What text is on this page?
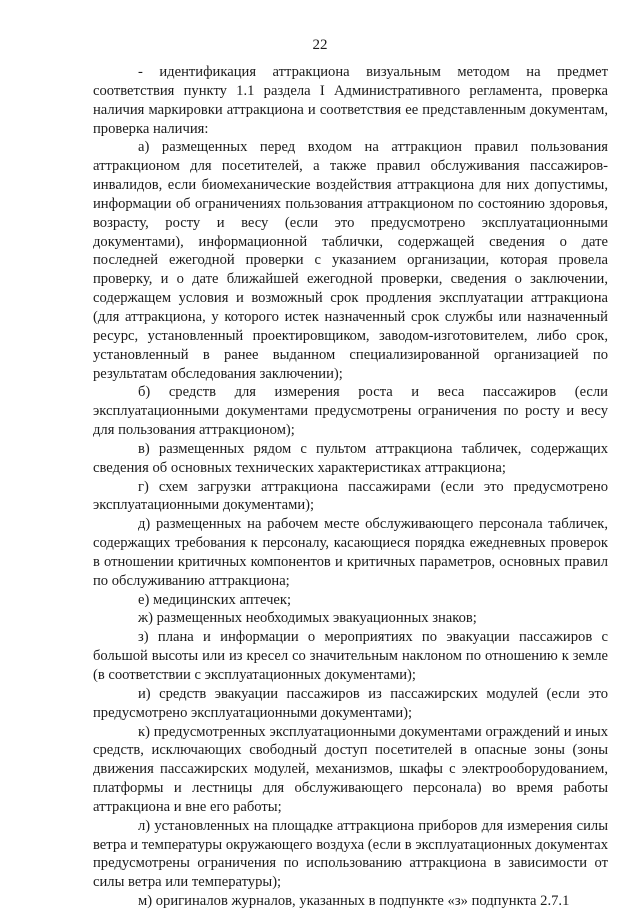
22

- идентификация аттракциона визуальным методом на предмет соответствия пункту 1.1 раздела I Административного регламента, проверка наличия маркировки аттракциона и соответствия ее представленным документам, проверка наличия:

а) размещенных перед входом на аттракцион правил пользования аттракционом для посетителей, а также правил обслуживания пассажиров-инвалидов, если биомеханические воздействия аттракциона для них допустимы, информации об ограничениях пользования аттракционом по состоянию здоровья, возрасту, росту и весу (если это предусмотрено эксплуатационными документами), информационной таблички, содержащей сведения о дате последней ежегодной проверки с указанием организации, которая провела проверку, и о дате ближайшей ежегодной проверки, сведения о заключении, содержащем условия и возможный срок продления эксплуатации аттракциона (для аттракциона, у которого истек назначенный срок службы или назначенный ресурс, установленный проектировщиком, заводом-изготовителем, либо срок, установленный в ранее выданном специализированной организацией по результатам обследования заключении);

б) средств для измерения роста и веса пассажиров (если эксплуатационными документами предусмотрены ограничения по росту и весу для пользования аттракционом);

в) размещенных рядом с пультом аттракциона табличек, содержащих сведения об основных технических характеристиках аттракциона;

г) схем загрузки аттракциона пассажирами (если это предусмотрено эксплуатационными документами);

д) размещенных на рабочем месте обслуживающего персонала табличек, содержащих требования к персоналу, касающиеся порядка ежедневных проверок в отношении критичных компонентов и критичных параметров, основных правил по обслуживанию аттракциона;

е) медицинских аптечек;

ж) размещенных необходимых эвакуационных знаков;

з) плана и информации о мероприятиях по эвакуации пассажиров с большой высоты или из кресел со значительным наклоном по отношению к земле (в соответствии с эксплуатационных документами);

и) средств эвакуации пассажиров из пассажирских модулей (если это предусмотрено эксплуатационными документами);

к) предусмотренных эксплуатационными документами ограждений и иных средств, исключающих свободный доступ посетителей в опасные зоны (зоны движения пассажирских модулей, механизмов, шкафы с электрооборудованием, платформы и лестницы для обслуживающего персонала) во время работы аттракциона и вне его работы;

л) установленных на площадке аттракциона приборов для измерения силы ветра и температуры окружающего воздуха (если в эксплуатационных документах предусмотрены ограничения по использованию аттракциона в зависимости от силы ветра или температуры);

м) оригиналов журналов, указанных в подпункте «з» подпункта 2.7.1
